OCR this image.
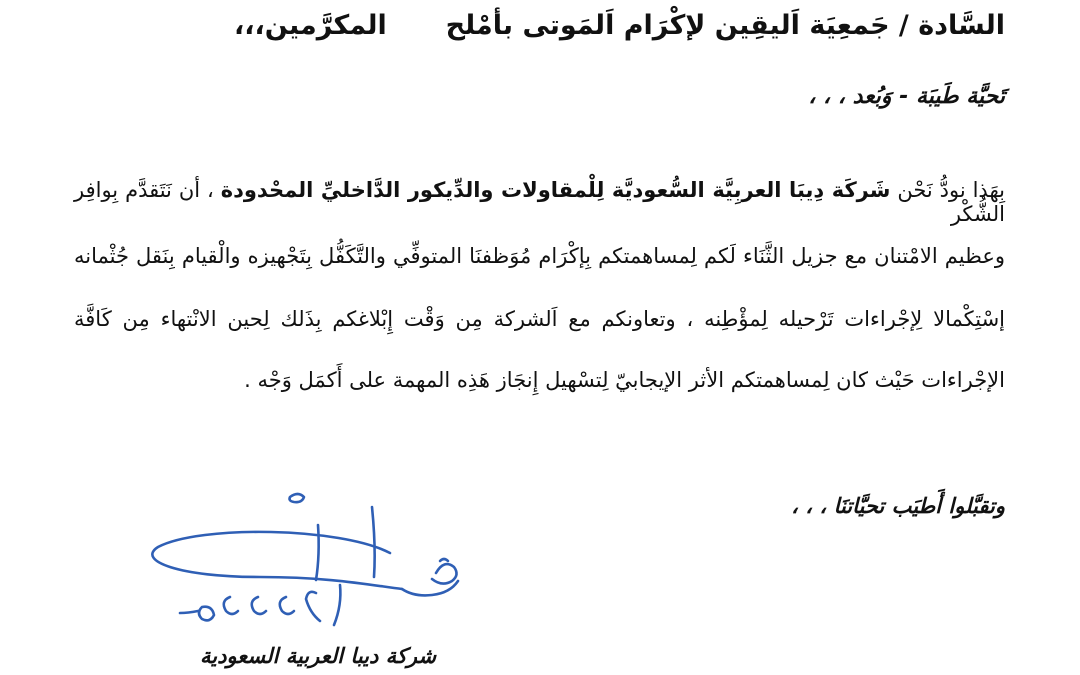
السَّادة / جَمعِيَة اَليقِين لإكْرَام اَلمَوتى بأمْلح  المكرَّمين،،،
تَحيَّة طَيبَة - وَبُعد ، ، ،
بِهَذا نودُّ نَحْن شَركَة دِيبَا العربِيَّة السُّعوديَّة لِلْمقاولات والدِّيكور الدَّاخليِّ المحْدودة ، أن نَتَقدَّم بِوافِر الشُّكْر
وعظيم الامْتنان مع جزيل الثَّنَاء لَكم لِمساهمتكم بِإكْرَام مُوَظفنَا المتوفِّي والتَّكَفُّل بِتَجْهيزه والْقيام بِنَقل جُثْمانه
إسْتِكْمالا لِإجْراءات تَرْحيله لِمؤْطِنه ، وتعاونكم مع اَلشركة مِن وَقْت إِبْلاغكم بِذَلك لِحين الانْتهاء مِن كَافَّة
الإجْراءات حَيْث كان لِمساهمتكم الأثر الإيجابيّ لِتسْهيل إِنجَاز هَذِه المهمة على أَكمَل وَجْه .
وتقبَّلوا أَطيَب تحيَّاتنَا ، ، ،
شركة ديبا العربية السعودية
